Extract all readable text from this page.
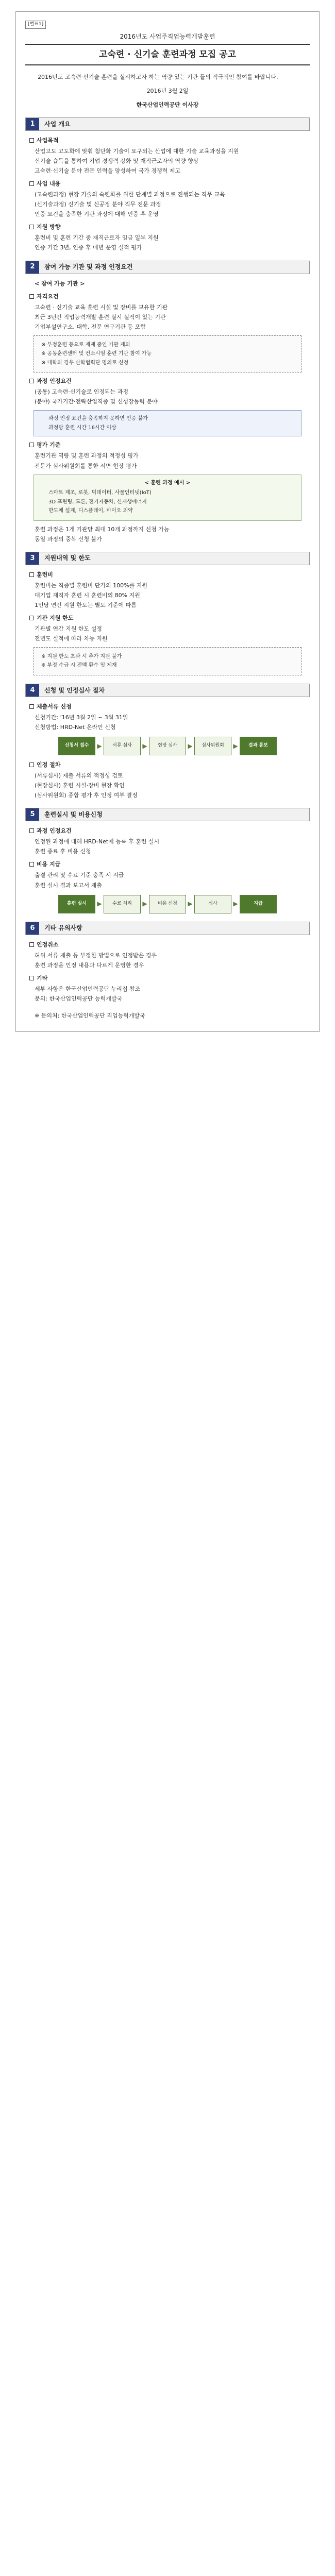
[별표1]
2016년도 사업주직업능력개발훈련
고숙련 · 신기술 훈련과정 모집 공고

2016년도 고숙련·신기술 훈련을 실시하고자 하는 역량 있는 기관 들의 적극적인 참여를 바랍니다.

2016년 3월 2일
한국산업인력공단 이사장
1	사업 개요
사업목적
산업고도 고도화에 맞춰 첨단화 기술이 요구되는 산업에 대한 기술 교육과정을 지원
신기술 습득을 통하여 기업 경쟁력 강화 및 재직근로자의 역량 향상
고숙련·신기술 분야 전문 인력을 양성하여 국가 경쟁력 제고
사업 내용
(고숙련과정) 현장 기술의 숙련화를 위한 단계별 과정으로 진행되는 직무 교육
(신기술과정) 신기술 및 신공정 분야 직무 전문 과정
인증 요건을 충족한 기관 과정에 대해 인증 후 운영
지원 방향
훈련비 및 훈련 기간 중 재직근로자 임금 일부 지원
인증 기간 3년, 인증 후 매년 운영 실적 평가
2	참여 가능 기관 및 과정 인정요건
< 참여 가능 기관 >
자격요건
고숙련 · 신기술 교육 훈련 시설 및 장비를 보유한 기관
최근 3년간 직업능력개발 훈련 실시 실적이 있는 기관
기업부설연구소, 대학, 전문 연구기관 등 포함
※ 부정훈련 등으로 제재 중인 기관 제외
※ 공동훈련센터 및 컨소시엄 훈련 기관 참여 가능
※ 대학의 경우 산학협력단 명의로 신청
과정 인정요건
(공통) 고숙련·신기술로 인정되는 과정
(분야) 국가기간·전략산업직종 및 신성장동력 분야
과정 인정 요건을 충족하지 못하면 인증 불가
과정당 훈련 시간 16시간 이상
평가 기준
훈련기관 역량 및 훈련 과정의 적정성 평가
전문가 심사위원회를 통한 서면·현장 평가
< 훈련 과정 예시 >
스마트 제조, 로봇, 빅데이터, 사물인터넷(IoT)
3D 프린팅, 드론, 전기자동차, 신재생에너지
반도체 설계, 디스플레이, 바이오 의약
훈련 과정은 1개 기관당 최대 10개 과정까지 신청 가능
동일 과정의 중복 신청 불가
3	지원내역 및 한도
훈련비
훈련비는 직종별 훈련비 단가의 100%를 지원
대기업 재직자 훈련 시 훈련비의 80% 지원
1인당 연간 지원 한도는 별도 기준에 따름
기관 지원 한도
기관별 연간 지원 한도 설정
전년도 실적에 따라 차등 지원
※ 지원 한도 초과 시 추가 지원 불가
※ 부정 수급 시 전액 환수 및 제재
4	신청 및 인정심사 절차
제출서류 신청
신청기간: '16년 3월 2일 ~ 3월 31일
신청방법: HRD-Net 온라인 신청
신청서 접수	▶	서류 심사	▶	현장 심사	▶	심사위원회	▶	결과 통보
인정 절차
(서류심사) 제출 서류의 적정성 검토
(현장심사) 훈련 시설·장비 현장 확인
(심사위원회) 종합 평가 후 인정 여부 결정
5	훈련실시 및 비용신청
과정 인정요건
인정된 과정에 대해 HRD-Net에 등록 후 훈련 실시
훈련 종료 후 비용 신청
비용 지급
출결 관리 및 수료 기준 충족 시 지급
훈련 실시 결과 보고서 제출
훈련 실시	▶	수료 처리	▶	비용 신청	▶	심사	▶	지급
6	기타 유의사항
인정취소
허위 서류 제출 등 부정한 방법으로 인정받은 경우
훈련 과정을 인정 내용과 다르게 운영한 경우
기타
세부 사항은 한국산업인력공단 누리집 참조
문의: 한국산업인력공단 능력개발국
※ 문의처: 한국산업인력공단 직업능력개발국
